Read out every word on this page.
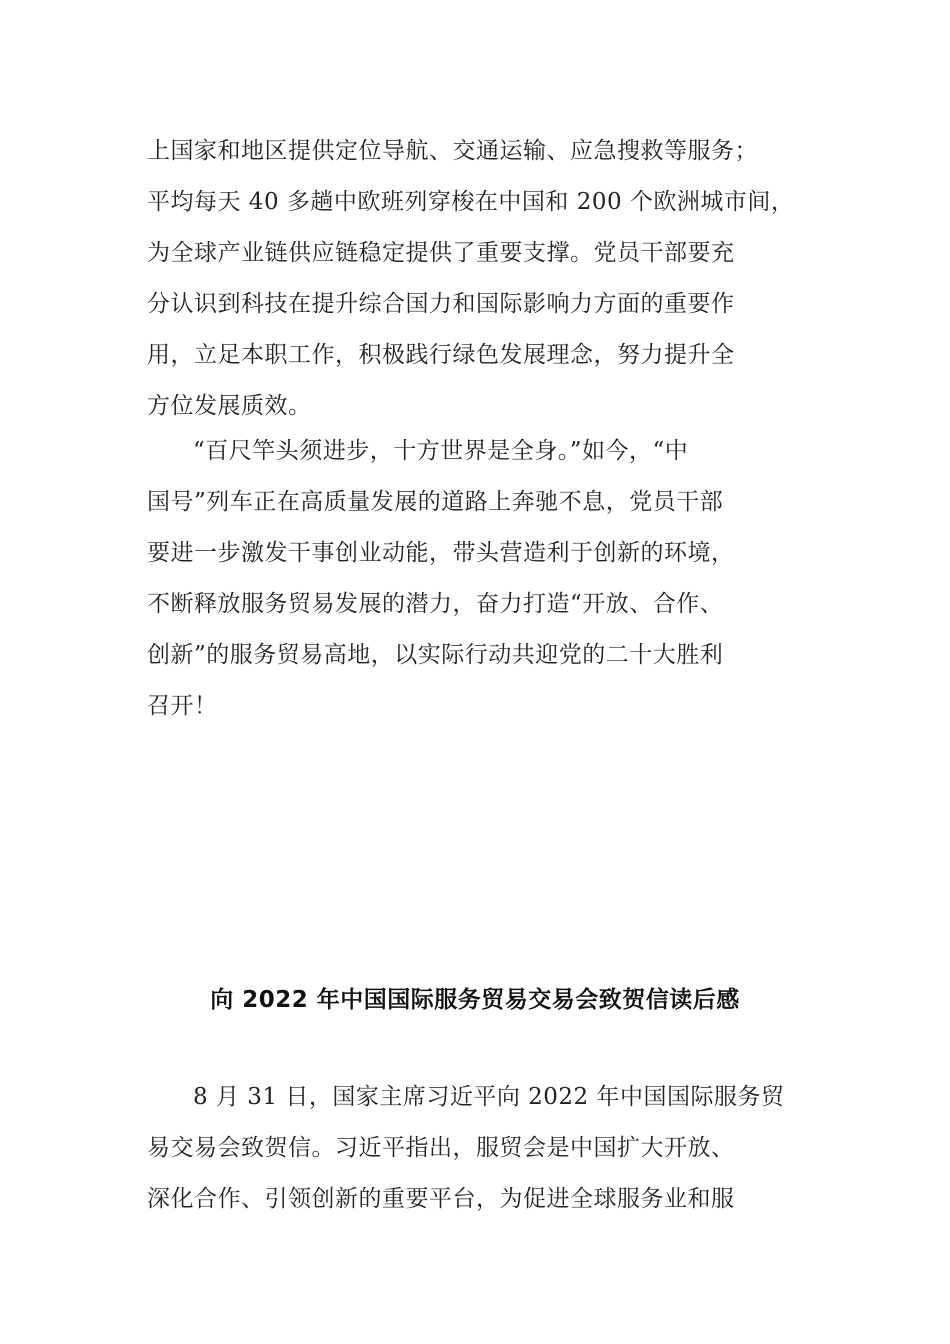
上国家和地区提供定位导航、交通运输、应急搜救等服务；
平均每天 40 多趟中欧班列穿梭在中国和 200 个欧洲城市间，
为全球产业链供应链稳定提供了重要支撑。党员干部要充
分认识到科技在提升综合国力和国际影响力方面的重要作
用，立足本职工作，积极践行绿色发展理念，努力提升全
方位发展质效。
“百尺竿头须进步，十方世界是全身。”如今，“中
国号”列车正在高质量发展的道路上奔驰不息，党员干部
要进一步激发干事创业动能，带头营造利于创新的环境，
不断释放服务贸易发展的潜力，奋力打造“开放、合作、
创新”的服务贸易高地，以实际行动共迎党的二十大胜利
召开！
向 2022 年中国国际服务贸易交易会致贺信读后感
8 月 31 日，国家主席习近平向 2022 年中国国际服务贸
易交易会致贺信。习近平指出，服贸会是中国扩大开放、
深化合作、引领创新的重要平台，为促进全球服务业和服
